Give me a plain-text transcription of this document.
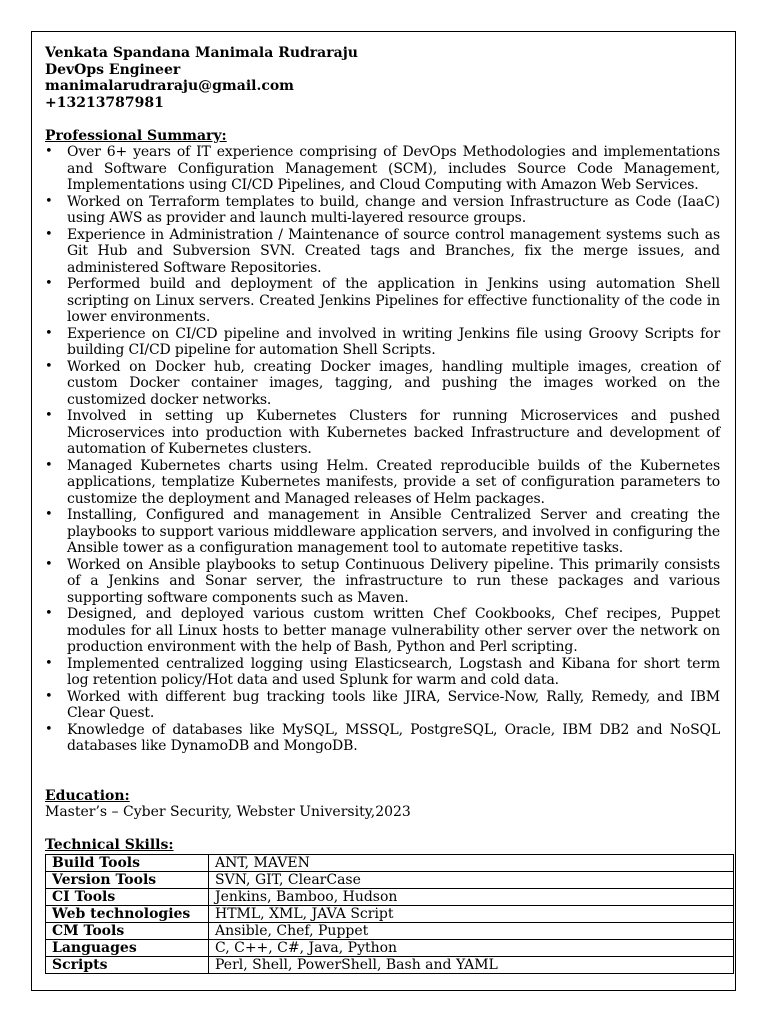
Venkata Spandana Manimala Rudraraju

DevOps Engineer

manimalarudraraju@gmail.com

+13213787981

Professional Summary:

• Over 6+ years of IT experience comprising of DevOps Methodologies and implementations and Software Configuration Management (SCM), includes Source Code Management, Implementations using CI/CD Pipelines, and Cloud Computing with Amazon Web Services.
• Worked on Terraform templates to build, change and version Infrastructure as Code (IaaC) using AWS as provider and launch multi-layered resource groups.
• Experience in Administration / Maintenance of source control management systems such as Git Hub and Subversion SVN. Created tags and Branches, fix the merge issues, and administered Software Repositories.
• Performed build and deployment of the application in Jenkins using automation Shell scripting on Linux servers. Created Jenkins Pipelines for effective functionality of the code in lower environments.
• Experience on CI/CD pipeline and involved in writing Jenkins file using Groovy Scripts for building CI/CD pipeline for automation Shell Scripts.
• Worked on Docker hub, creating Docker images, handling multiple images, creation of custom Docker container images, tagging, and pushing the images worked on the customized docker networks.
• Involved in setting up Kubernetes Clusters for running Microservices and pushed Microservices into production with Kubernetes backed Infrastructure and development of automation of Kubernetes clusters.
• Managed Kubernetes charts using Helm. Created reproducible builds of the Kubernetes applications, templatize Kubernetes manifests, provide a set of configuration parameters to customize the deployment and Managed releases of Helm packages.
• Installing, Configured and management in Ansible Centralized Server and creating the playbooks to support various middleware application servers, and involved in configuring the Ansible tower as a configuration management tool to automate repetitive tasks.
• Worked on Ansible playbooks to setup Continuous Delivery pipeline. This primarily consists of a Jenkins and Sonar server, the infrastructure to run these packages and various supporting software components such as Maven.
• Designed, and deployed various custom written Chef Cookbooks, Chef recipes, Puppet modules for all Linux hosts to better manage vulnerability other server over the network on production environment with the help of Bash, Python and Perl scripting.
• Implemented centralized logging using Elasticsearch, Logstash and Kibana for short term log retention policy/Hot data and used Splunk for warm and cold data.
• Worked with different bug tracking tools like JIRA, Service-Now, Rally, Remedy, and IBM Clear Quest.
• Knowledge of databases like MySQL, MSSQL, PostgreSQL, Oracle, IBM DB2 and NoSQL databases like DynamoDB and MongoDB.

Education:

Master’s – Cyber Security, Webster University,2023

Technical Skills:

Build Tools	ANT, MAVEN
Version Tools	SVN, GIT, ClearCase
CI Tools	Jenkins, Bamboo, Hudson
Web technologies	HTML, XML, JAVA Script
CM Tools	Ansible, Chef, Puppet
Languages	C, C++, C#, Java, Python
Scripts	Perl, Shell, PowerShell, Bash and YAML
